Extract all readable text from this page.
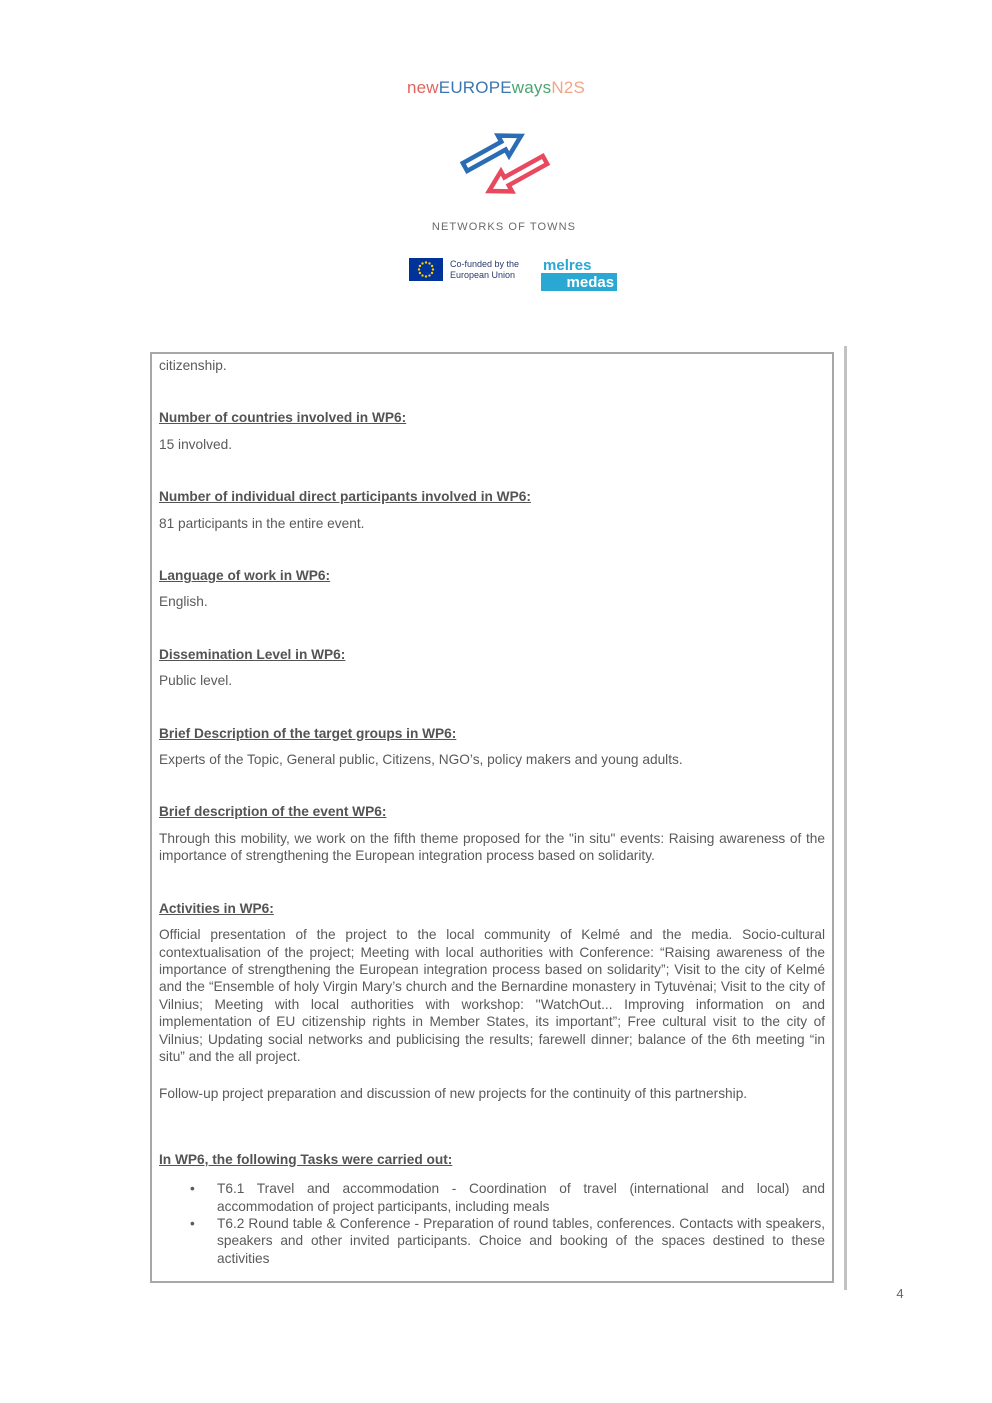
newEUROPEwaysN2S
NETWORKS OF TOWNS
Co-funded by the
European Union
melres
medas
citizenship.
Number of countries involved in WP6:

15 involved.

Number of individual direct participants involved in WP6:

81 participants in the entire event.

Language of work in WP6:

English.

Dissemination Level in WP6:

Public level.

Brief Description of the target groups in WP6:

Experts of the Topic, General public, Citizens, NGO’s, policy makers and young adults.

Brief description of the event WP6:

Through this mobility, we work on the fifth theme proposed for the "in situ" events: Raising awareness of the importance of strengthening the European integration process based on solidarity.

Activities in WP6:

Official presentation of the project to the local community of Kelmé and the media. Socio-cultural contextualisation of the project; Meeting with local authorities with Conference: “Raising awareness of the importance of strengthening the European integration process based on solidarity”; Visit to the city of Kelmé and the “Ensemble of holy Virgin Mary’s church and the Bernardine monastery in Tytuvėnai; Visit to the city of Vilnius; Meeting with local authorities with workshop: ''WatchOut... Improving information on and implementation of EU citizenship rights in Member States, its important”; Free cultural visit to the city of Vilnius; Updating social networks and publicising the results; farewell dinner; balance of the 6th meeting “in situ” and the all project.

Follow-up project preparation and discussion of new projects for the continuity of this partnership.

In WP6, the following Tasks were carried out:
• T6.1 Travel and accommodation - Coordination of travel (international and local) and accommodation of project participants, including meals
• T6.2 Round table & Conference - Preparation of round tables, conferences. Contacts with speakers, speakers and other invited participants. Choice and booking of the spaces destined to these activities
4
